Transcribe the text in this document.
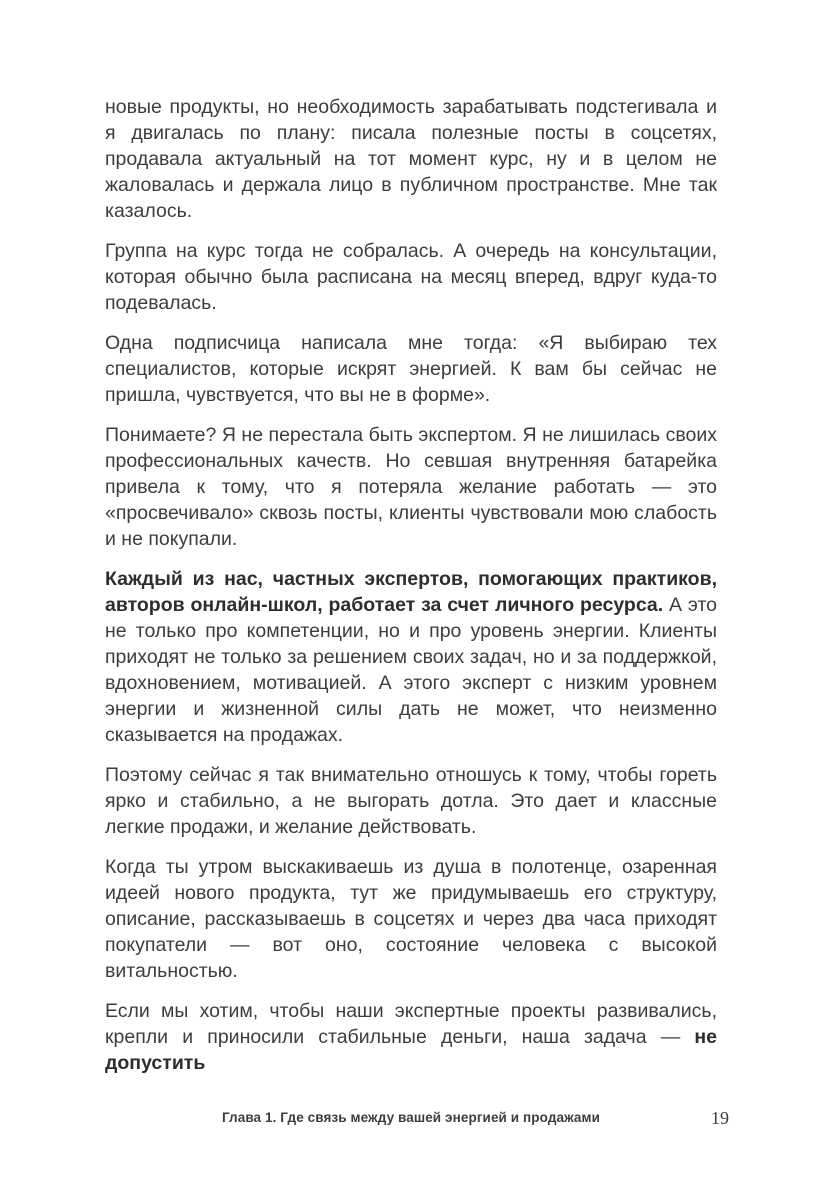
новые продукты, но необходимость зарабатывать подстегивала и я двигалась по плану: писала полезные посты в соцсетях, продавала актуальный на тот момент курс, ну и в целом не жаловалась и держала лицо в публичном пространстве. Мне так казалось.

Группа на курс тогда не собралась. А очередь на консультации, которая обычно была расписана на месяц вперед, вдруг куда-то подевалась.

Одна подписчица написала мне тогда: «Я выбираю тех специалистов, которые искрят энергией. К вам бы сейчас не пришла, чувствуется, что вы не в форме».

Понимаете? Я не перестала быть экспертом. Я не лишилась своих профессиональных качеств. Но севшая внутренняя батарейка привела к тому, что я потеряла желание работать — это «просвечивало» сквозь посты, клиенты чувствовали мою слабость и не покупали.

Каждый из нас, частных экспертов, помогающих практиков, авторов онлайн-школ, работает за счет личного ресурса. А это не только про компетенции, но и про уровень энергии. Клиенты приходят не только за решением своих задач, но и за поддержкой, вдохновением, мотивацией. А этого эксперт с низким уровнем энергии и жизненной силы дать не может, что неизменно сказывается на продажах.

Поэтому сейчас я так внимательно отношусь к тому, чтобы гореть ярко и стабильно, а не выгорать дотла. Это дает и классные легкие продажи, и желание действовать.

Когда ты утром выскакиваешь из душа в полотенце, озаренная идеей нового продукта, тут же придумываешь его структуру, описание, рассказываешь в соцсетях и через два часа приходят покупатели — вот оно, состояние человека с высокой витальностью.

Если мы хотим, чтобы наши экспертные проекты развивались, крепли и приносили стабильные деньги, наша задача — не допустить

Глава 1. Где связь между вашей энергией и продажами	19
